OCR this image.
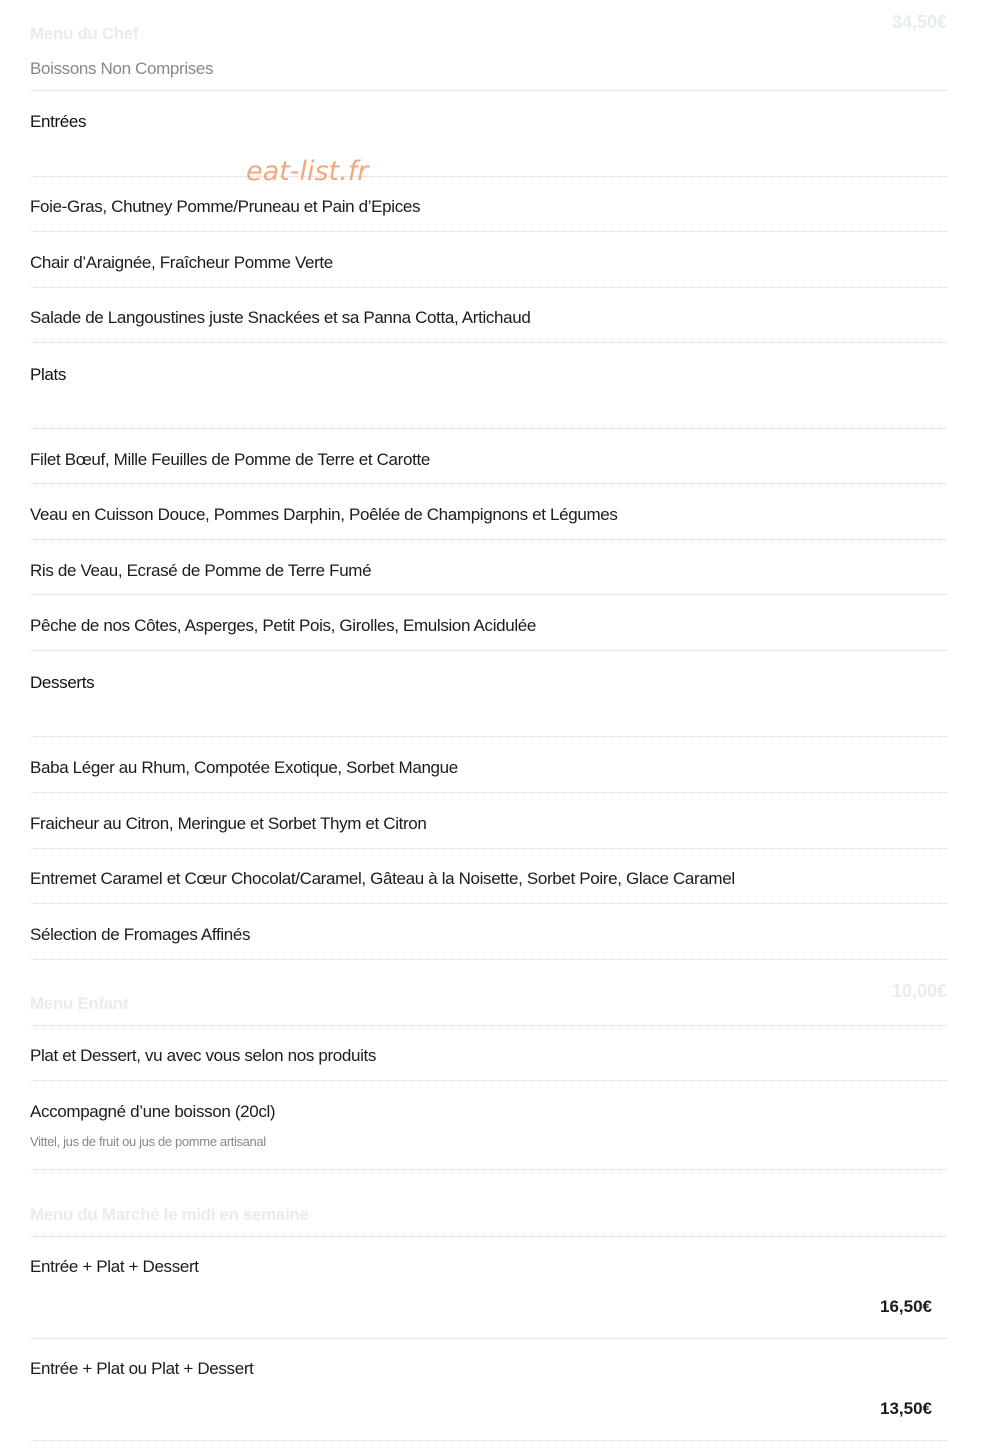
Menu du Chef
34,50€
Boissons Non Comprises
Entrées
Foie-Gras, Chutney Pomme/Pruneau et Pain d’Epices
Chair d’Araignée, Fraîcheur Pomme Verte
Salade de Langoustines juste Snackées et sa Panna Cotta, Artichaud
Plats
Filet Bœuf, Mille Feuilles de Pomme de Terre et Carotte
Veau en Cuisson Douce, Pommes Darphin, Poêlée de Champignons et Légumes
Ris de Veau, Ecrasé de Pomme de Terre Fumé
Pêche de nos Côtes, Asperges, Petit Pois, Girolles, Emulsion Acidulée
Desserts
Baba Léger au Rhum, Compotée Exotique, Sorbet Mangue
Fraicheur au Citron, Meringue et Sorbet Thym et Citron
Entremet Caramel et Cœur Chocolat/Caramel, Gâteau à la Noisette, Sorbet Poire, Glace Caramel
Sélection de Fromages Affinés
Menu Enfant
10,00€
Plat et Dessert, vu avec vous selon nos produits
Accompagné d’une boisson (20cl)
Vittel, jus de fruit ou jus de pomme artisanal
Menu du Marché le midi en semaine
Entrée + Plat + Dessert
16,50€
Entrée + Plat ou Plat + Dessert
13,50€
eat-list.fr
